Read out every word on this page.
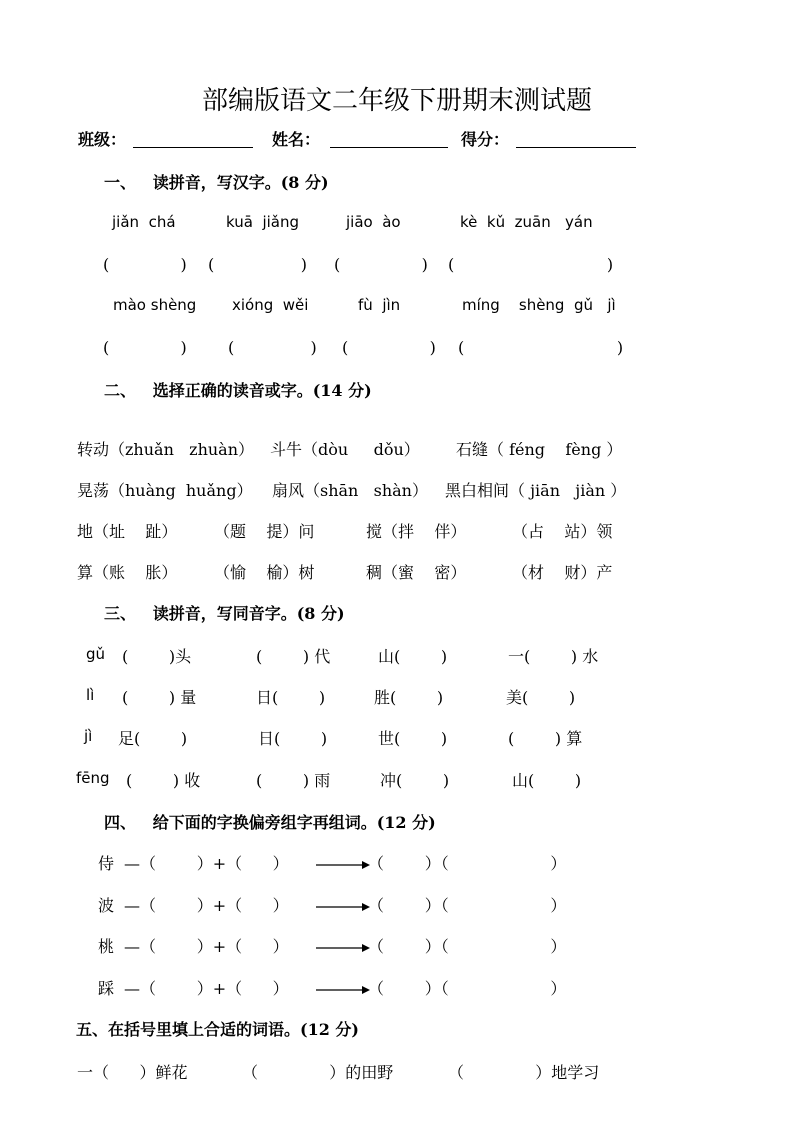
部编版语文二年级下册期末测试题
班级：	姓名：	得分：
一、   读拼音，写汉字。(8 分)
jiǎn  chá	kuā  jiǎng	jiāo  ào	kè  kǔ  zuān   yán
(              ) (                 ) (                ) (                              )
mào shèng xióng  wěi	fù  jìn	míng    shèng  gǔ   jì
(              )	(               ) (                ) (                              )
二、   选择正确的读音或字。(14 分)
转动（zhuǎn   zhuàn） 斗牛（dòu     dǒu） 石缝（ féng    fèng ）
晃荡（huàng  huǎng） 扇风（shān   shàn） 黑白相间（ jiān   jiàn ）
地（址    趾） （题    提）问	搅（拌    伴）	（占    站）领
算（账    胀） （愉    榆）树	稠（蜜    密）	（材    财）产
三、   读拼音，写同音字。(8 分)
gǔ (        )头	(        ) 代	山(        )	一(        ) 水
lì (        ) 量	日(        )	胜(        )	美(        )
jì 足(        )	日(        )	世(        )	(        ) 算
fēng (        ) 收	(        ) 雨	冲(        )	山(        )
四、   给下面的字换偏旁组字再组词。(12 分)
侍 —（        ）+（      ）	（        ）（                    ）
波 —（        ）+（      ）	（        ）（                    ）
桃 —（        ）+（      ）	（        ）（                    ）
踩 —（        ）+（      ）	（        ）（                    ）
五、在括号里填上合适的词语。(12 分)
一（      ）鲜花	（              ）的田野	（              ）地学习
